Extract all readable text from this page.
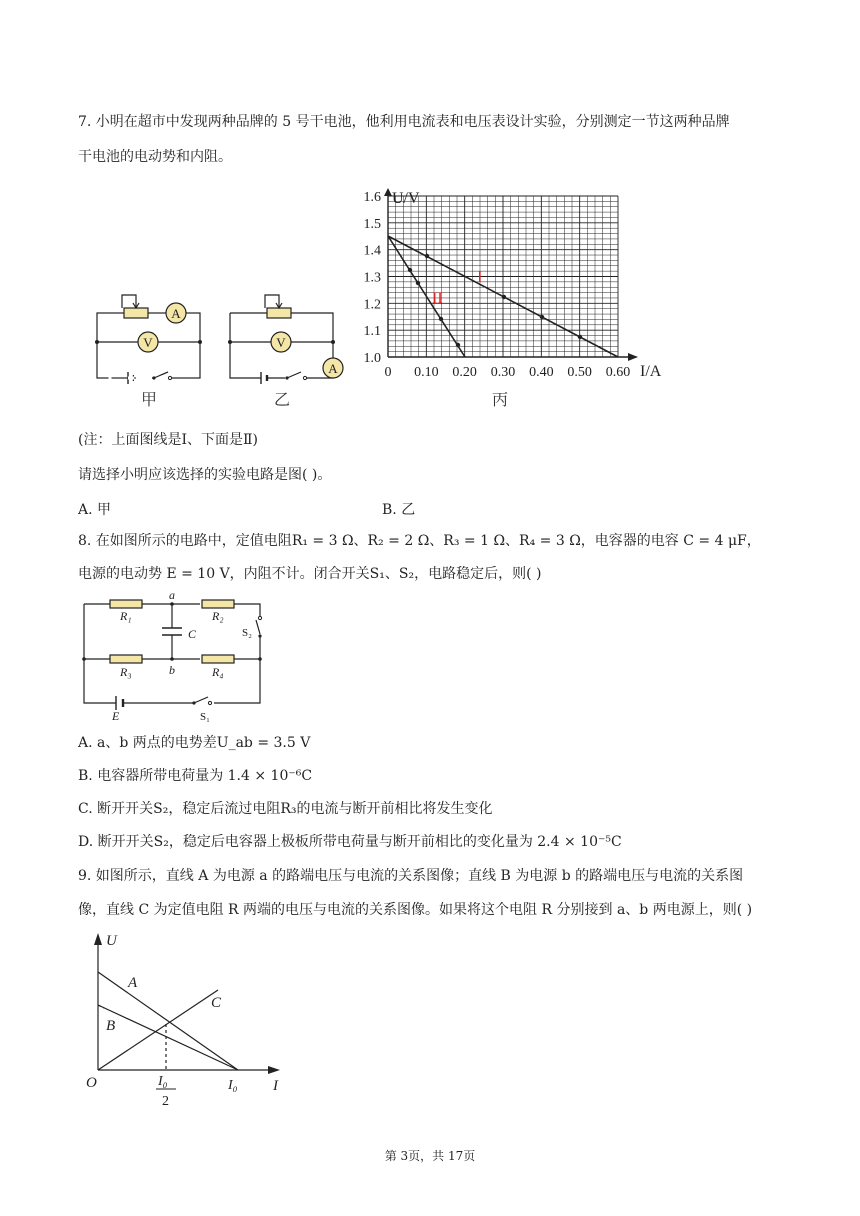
7. 小明在超市中发现两种品牌的 5 号干电池，他利用电流表和电压表设计实验，分别测定一节这两种品牌
干电池的电动势和内阻。
A
V
甲
V
A
乙
U/V
I/A
1.6
1.5
1.4
1.3
1.2
1.1
1.0
0 0.10 0.20 0.30 0.40 0.50 0.60
I
II
丙
(注：上面图线是Ⅰ、下面是Ⅱ)
请选择小明应该选择的实验电路是图( )。
A. 甲	B. 乙
8. 在如图所示的电路中，定值电阻R₁ = 3 Ω、R₂ = 2 Ω、R₃ = 1 Ω、R₄ = 3 Ω，电容器的电容 C = 4 μF，
电源的电动势 E = 10 V，内阻不计。闭合开关S₁、S₂，电路稳定后，则( )
R₁	R₂
R₃	R₄
C
a
b
E
S₂
S₁
A. a、b 两点的电势差U_ab = 3.5 V
B. 电容器所带电荷量为 1.4 × 10⁻⁶C
C. 断开开关S₂，稳定后流过电阻R₃的电流与断开前相比将发生变化
D. 断开开关S₂，稳定后电容器上极板所带电荷量与断开前相比的变化量为 2.4 × 10⁻⁵C
9. 如图所示，直线 A 为电源 a 的路端电压与电流的关系图像；直线 B 为电源 b 的路端电压与电流的关系图
像，直线 C 为定值电阻 R 两端的电压与电流的关系图像。如果将这个电阻 R 分别接到 a、b 两电源上，则( )
U
I
O
A
B
C
I₀	I₀
2
第 3页，共 17页
